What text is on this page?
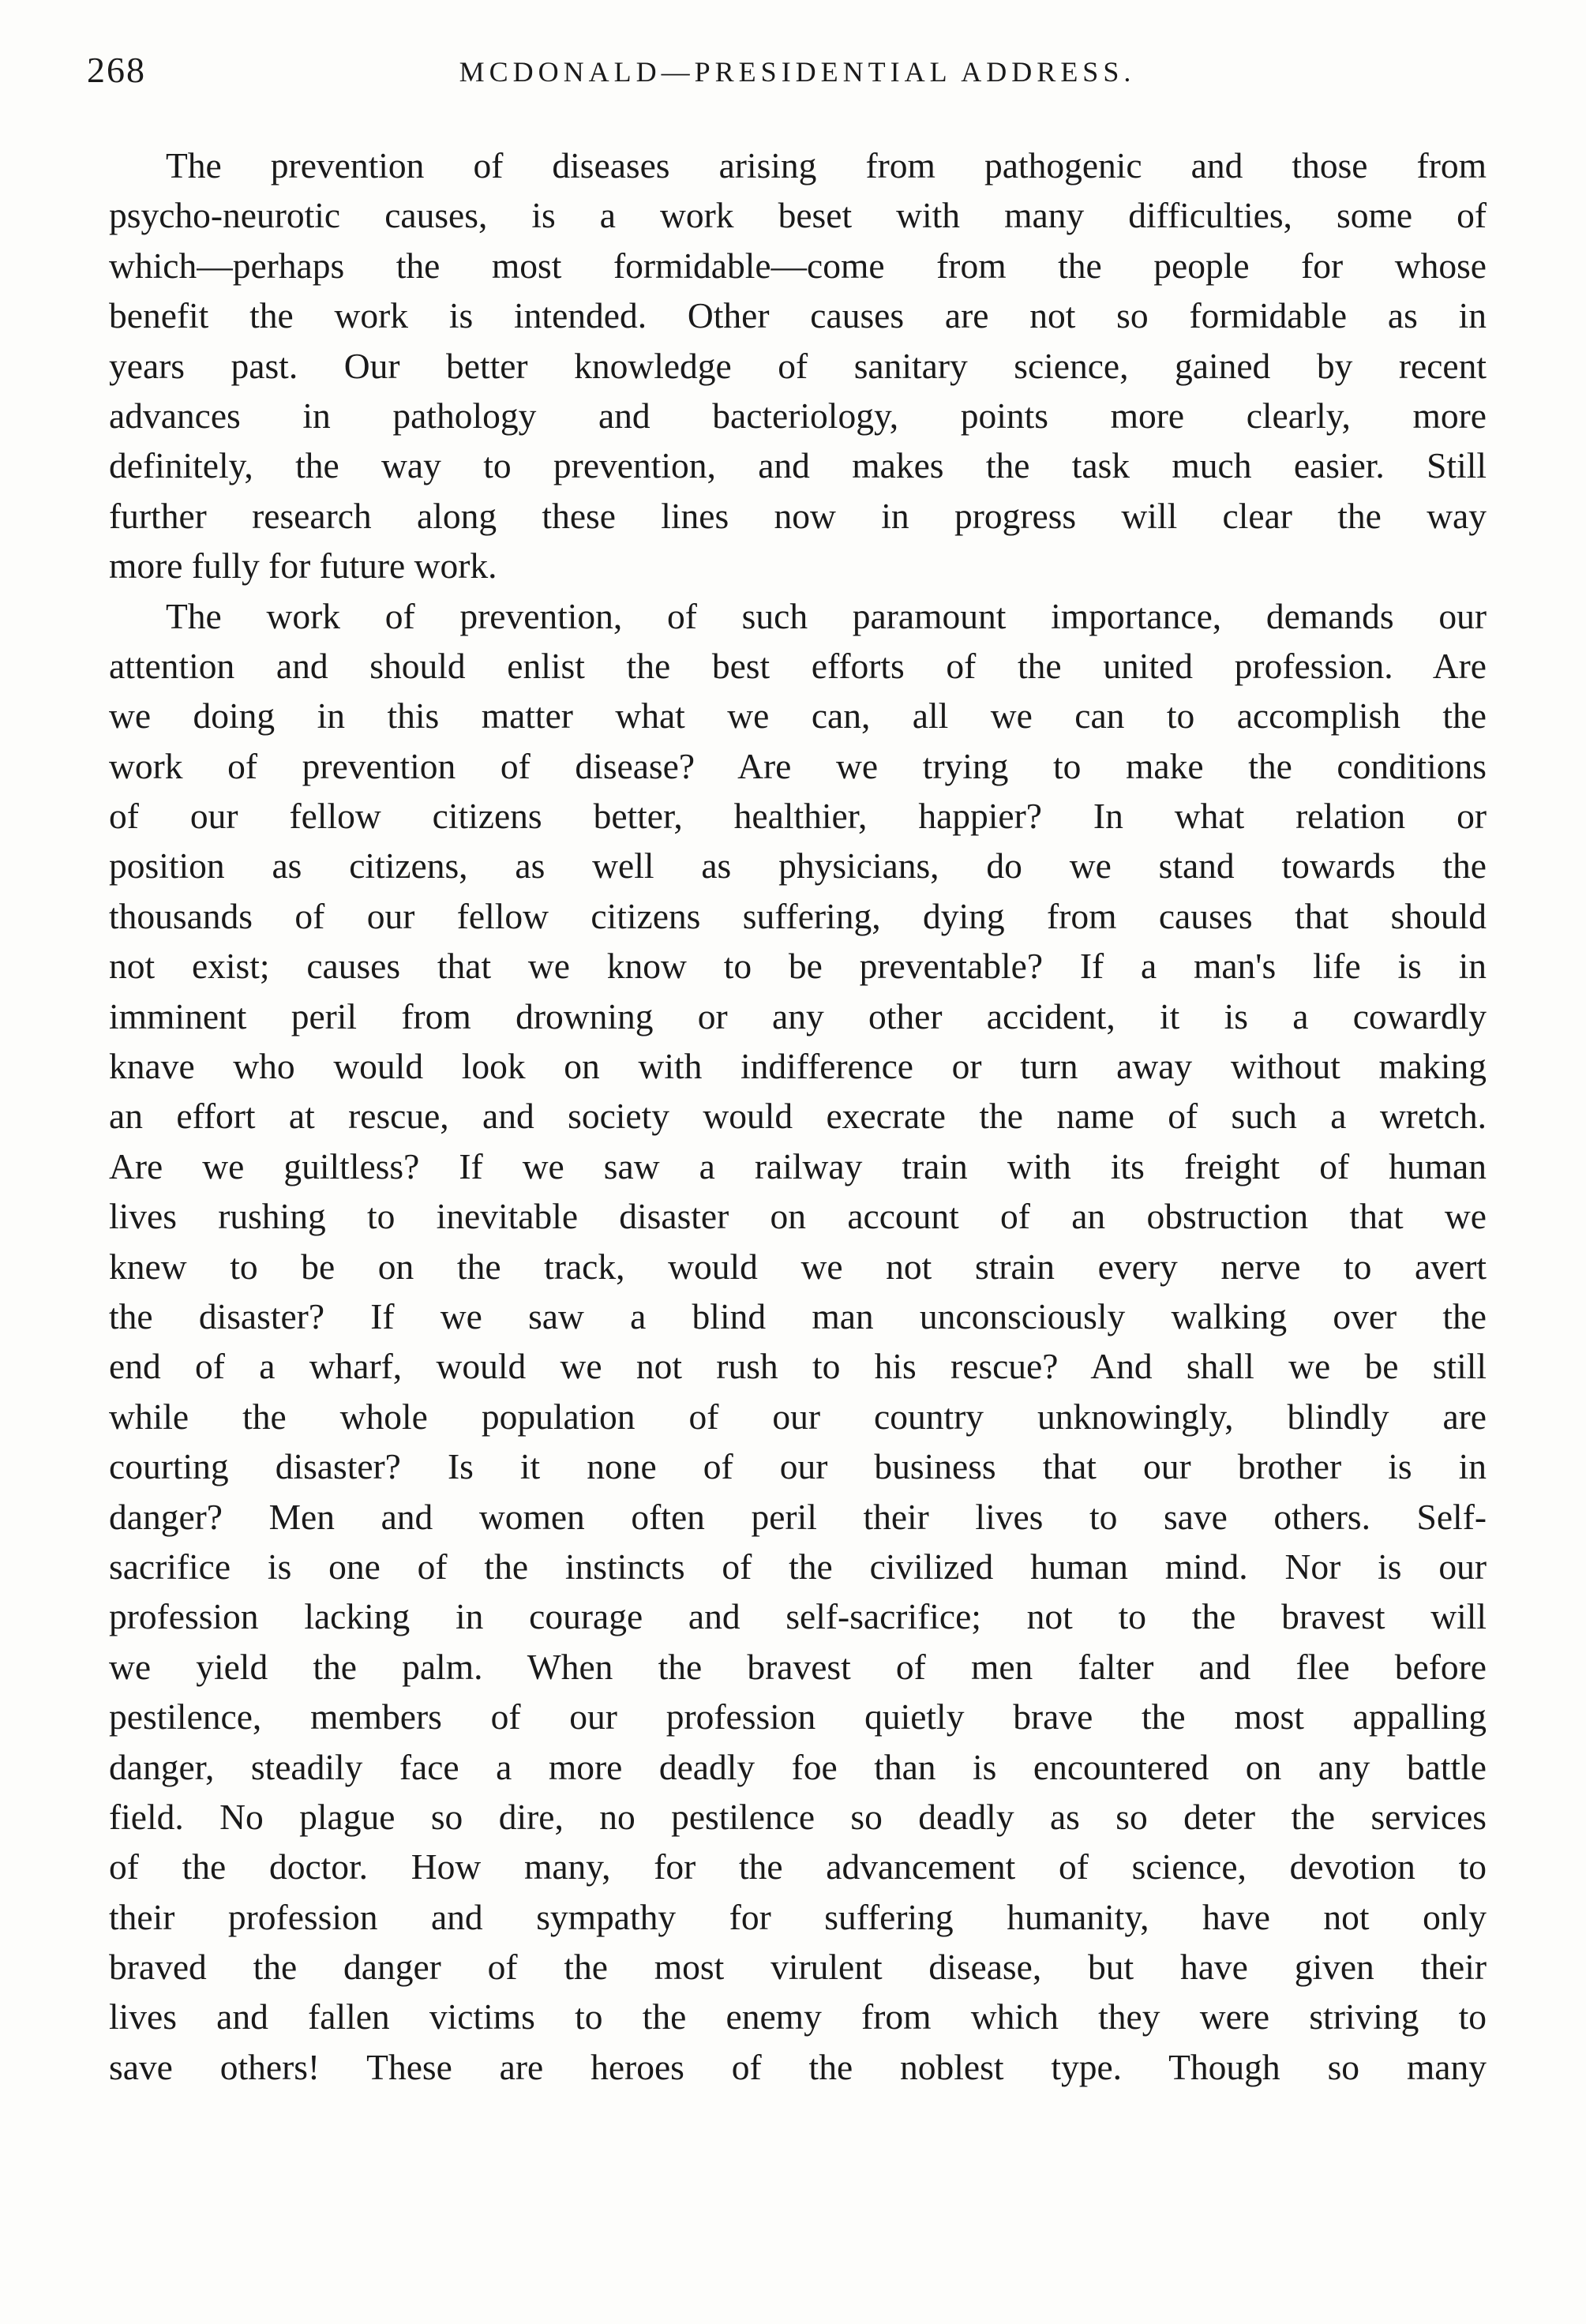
268	MCDONALD—PRESIDENTIAL ADDRESS.
The prevention of diseases arising from pathogenic and those from
psycho-neurotic causes, is a work beset with many difficulties, some of
which—perhaps the most formidable—come from the people for whose
benefit the work is intended. Other causes are not so formidable as in
years past. Our better knowledge of sanitary science, gained by recent
advances in pathology and bacteriology, points more clearly, more
definitely, the way to prevention, and makes the task much easier. Still
further research along these lines now in progress will clear the way
more fully for future work.
The work of prevention, of such paramount importance, demands our
attention and should enlist the best efforts of the united profession. Are
we doing in this matter what we can, all we can to accomplish the
work of prevention of disease? Are we trying to make the conditions
of our fellow citizens better, healthier, happier? In what relation or
position as citizens, as well as physicians, do we stand towards the
thousands of our fellow citizens suffering, dying from causes that should
not exist; causes that we know to be preventable? If a man's life is in
imminent peril from drowning or any other accident, it is a cowardly
knave who would look on with indifference or turn away without making
an effort at rescue, and society would execrate the name of such a wretch.
Are we guiltless? If we saw a railway train with its freight of human
lives rushing to inevitable disaster on account of an obstruction that we
knew to be on the track, would we not strain every nerve to avert
the disaster? If we saw a blind man unconsciously walking over the
end of a wharf, would we not rush to his rescue? And shall we be still
while the whole population of our country unknowingly, blindly are
courting disaster? Is it none of our business that our brother is in
danger? Men and women often peril their lives to save others. Self-
sacrifice is one of the instincts of the civilized human mind. Nor is our
profession lacking in courage and self-sacrifice; not to the bravest will
we yield the palm. When the bravest of men falter and flee before
pestilence, members of our profession quietly brave the most appalling
danger, steadily face a more deadly foe than is encountered on any battle
field. No plague so dire, no pestilence so deadly as so deter the services
of the doctor. How many, for the advancement of science, devotion to
their profession and sympathy for suffering humanity, have not only
braved the danger of the most virulent disease, but have given their
lives and fallen victims to the enemy from which they were striving to
save others! These are heroes of the noblest type. Though so many
